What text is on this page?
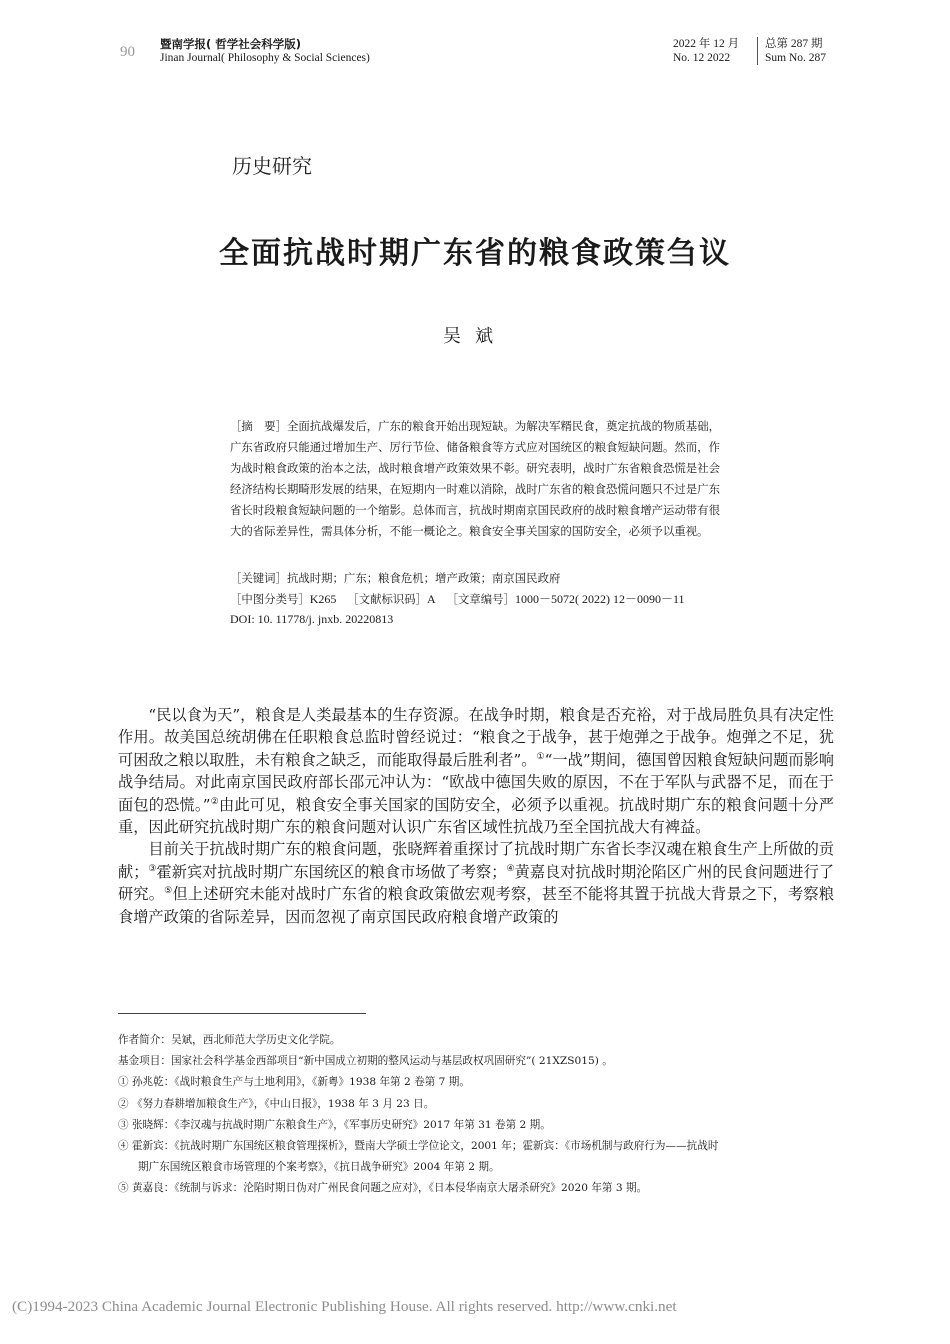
90 暨南学报( 哲学社会科学版)
Jinan Journal( Philosophy & Social Sciences)
2022 年 12 月
No. 12 2022
总第 287 期
Sum No. 287
历史研究
全面抗战时期广东省的粮食政策刍议
吴斌

［摘　要］全面抗战爆发后，广东的粮食开始出现短缺。为解决军糈民食，奠定抗战的物质基础，广东省政府只能通过增加生产、厉行节俭、储备粮食等方式应对国统区的粮食短缺问题。然而，作为战时粮食政策的治本之法，战时粮食增产政策效果不彰。研究表明，战时广东省粮食恐慌是社会经济结构长期畸形发展的结果，在短期内一时难以消除，战时广东省的粮食恐慌问题只不过是广东省长时段粮食短缺问题的一个缩影。总体而言，抗战时期南京国民政府的战时粮食增产运动带有很大的省际差异性，需具体分析，不能一概论之。粮食安全事关国家的国防安全，必须予以重视。

［关键词］抗战时期；广东；粮食危机；增产政策；南京国民政府
［中图分类号］K265 ［文献标识码］A ［文章编号］1000－5072( 2022) 12－0090－11
DOI: 10. 11778/j. jnxb. 20220813

“民以食为天”，粮食是人类最基本的生存资源。在战争时期，粮食是否充裕，对于战局胜负具有决定性作用。故美国总统胡佛在任职粮食总监时曾经说过：“粮食之于战争，甚于炮弹之于战争。炮弹之不足，犹可困敌之粮以取胜，未有粮食之缺乏，而能取得最后胜利者”。①“一战”期间，德国曾因粮食短缺问题而影响战争结局。对此南京国民政府部长邵元冲认为：“欧战中德国失败的原因，不在于军队与武器不足，而在于面包的恐慌。”②由此可见，粮食安全事关国家的国防安全，必须予以重视。抗战时期广东的粮食问题十分严重，因此研究抗战时期广东的粮食问题对认识广东省区域性抗战乃至全国抗战大有裨益。

目前关于抗战时期广东的粮食问题，张晓辉着重探讨了抗战时期广东省长李汉魂在粮食生产上所做的贡献；③霍新宾对抗战时期广东国统区的粮食市场做了考察；④黄嘉良对抗战时期沦陷区广州的民食问题进行了研究。⑤但上述研究未能对战时广东省的粮食政策做宏观考察，甚至不能将其置于抗战大背景之下，考察粮食增产政策的省际差异，因而忽视了南京国民政府粮食增产政策的

作者简介：吴斌，西北师范大学历史文化学院。

基金项目：国家社会科学基金西部项目“新中国成立初期的整风运动与基层政权巩固研究”( 21XZS015) 。

① 孙兆乾：《战时粮食生产与土地利用》，《新粤》1938 年第 2 卷第 7 期。

② 《努力春耕增加粮食生产》，《中山日报》，1938 年 3 月 23 日。

③ 张晓辉：《李汉魂与抗战时期广东粮食生产》，《军事历史研究》2017 年第 31 卷第 2 期。

④ 霍新宾：《抗战时期广东国统区粮食管理探析》，暨南大学硕士学位论文，2001 年；霍新宾：《市场机制与政府行为——抗战时

期广东国统区粮食市场管理的个案考察》，《抗日战争研究》2004 年第 2 期。

⑤ 黄嘉良：《统制与诉求：沦陷时期日伪对广州民食问题之应对》，《日本侵华南京大屠杀研究》2020 年第 3 期。

(C)1994-2023 China Academic Journal Electronic Publishing House. All rights reserved. http://www.cnki.net
